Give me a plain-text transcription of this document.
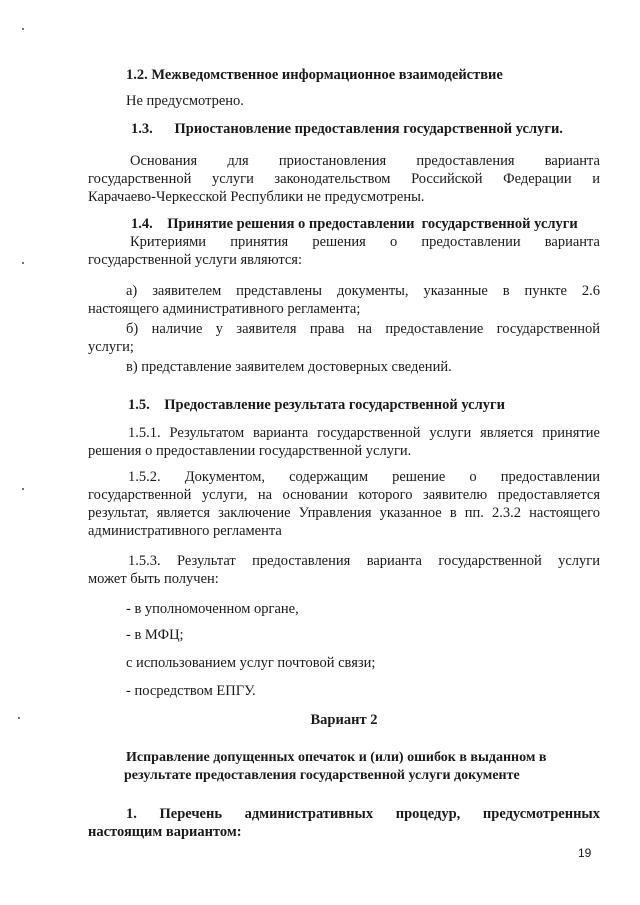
1.2. Межведомственное информационное взаимодействие
Не предусмотрено.
1.3.      Приостановление предоставления государственной услуги.
Основания для приостановления предоставления варианта
государственной услуги законодательством Российской Федерации и
Карачаево-Черкесской Республики не предусмотрены.
1.4.    Принятие решения о предоставлении  государственной услуги
Критериями принятия решения о предоставлении варианта
государственной услуги являются:
а) заявителем представлены документы, указанные в пункте 2.6
настоящего административного регламента;
б) наличие у заявителя права на предоставление государственной
услуги;
в) представление заявителем достоверных сведений.
1.5.    Предоставление результата государственной услуги
1.5.1. Результатом варианта государственной услуги является принятие
решения о предоставлении государственной услуги.
1.5.2. Документом, содержащим решение о предоставлении
государственной услуги, на основании которого заявителю предоставляется
результат, является заключение Управления указанное в пп. 2.3.2 настоящего
административного регламента
1.5.3. Результат предоставления варианта государственной услуги
может быть получен:
- в уполномоченном органе,
- в МФЦ;
с использованием услуг почтовой связи;
- посредством ЕПГУ.
Вариант 2
Исправление допущенных опечаток и (или) ошибок в выданном в
результате предоставления государственной услуги документе
1. Перечень административных процедур, предусмотренных
настоящим вариантом:
19
